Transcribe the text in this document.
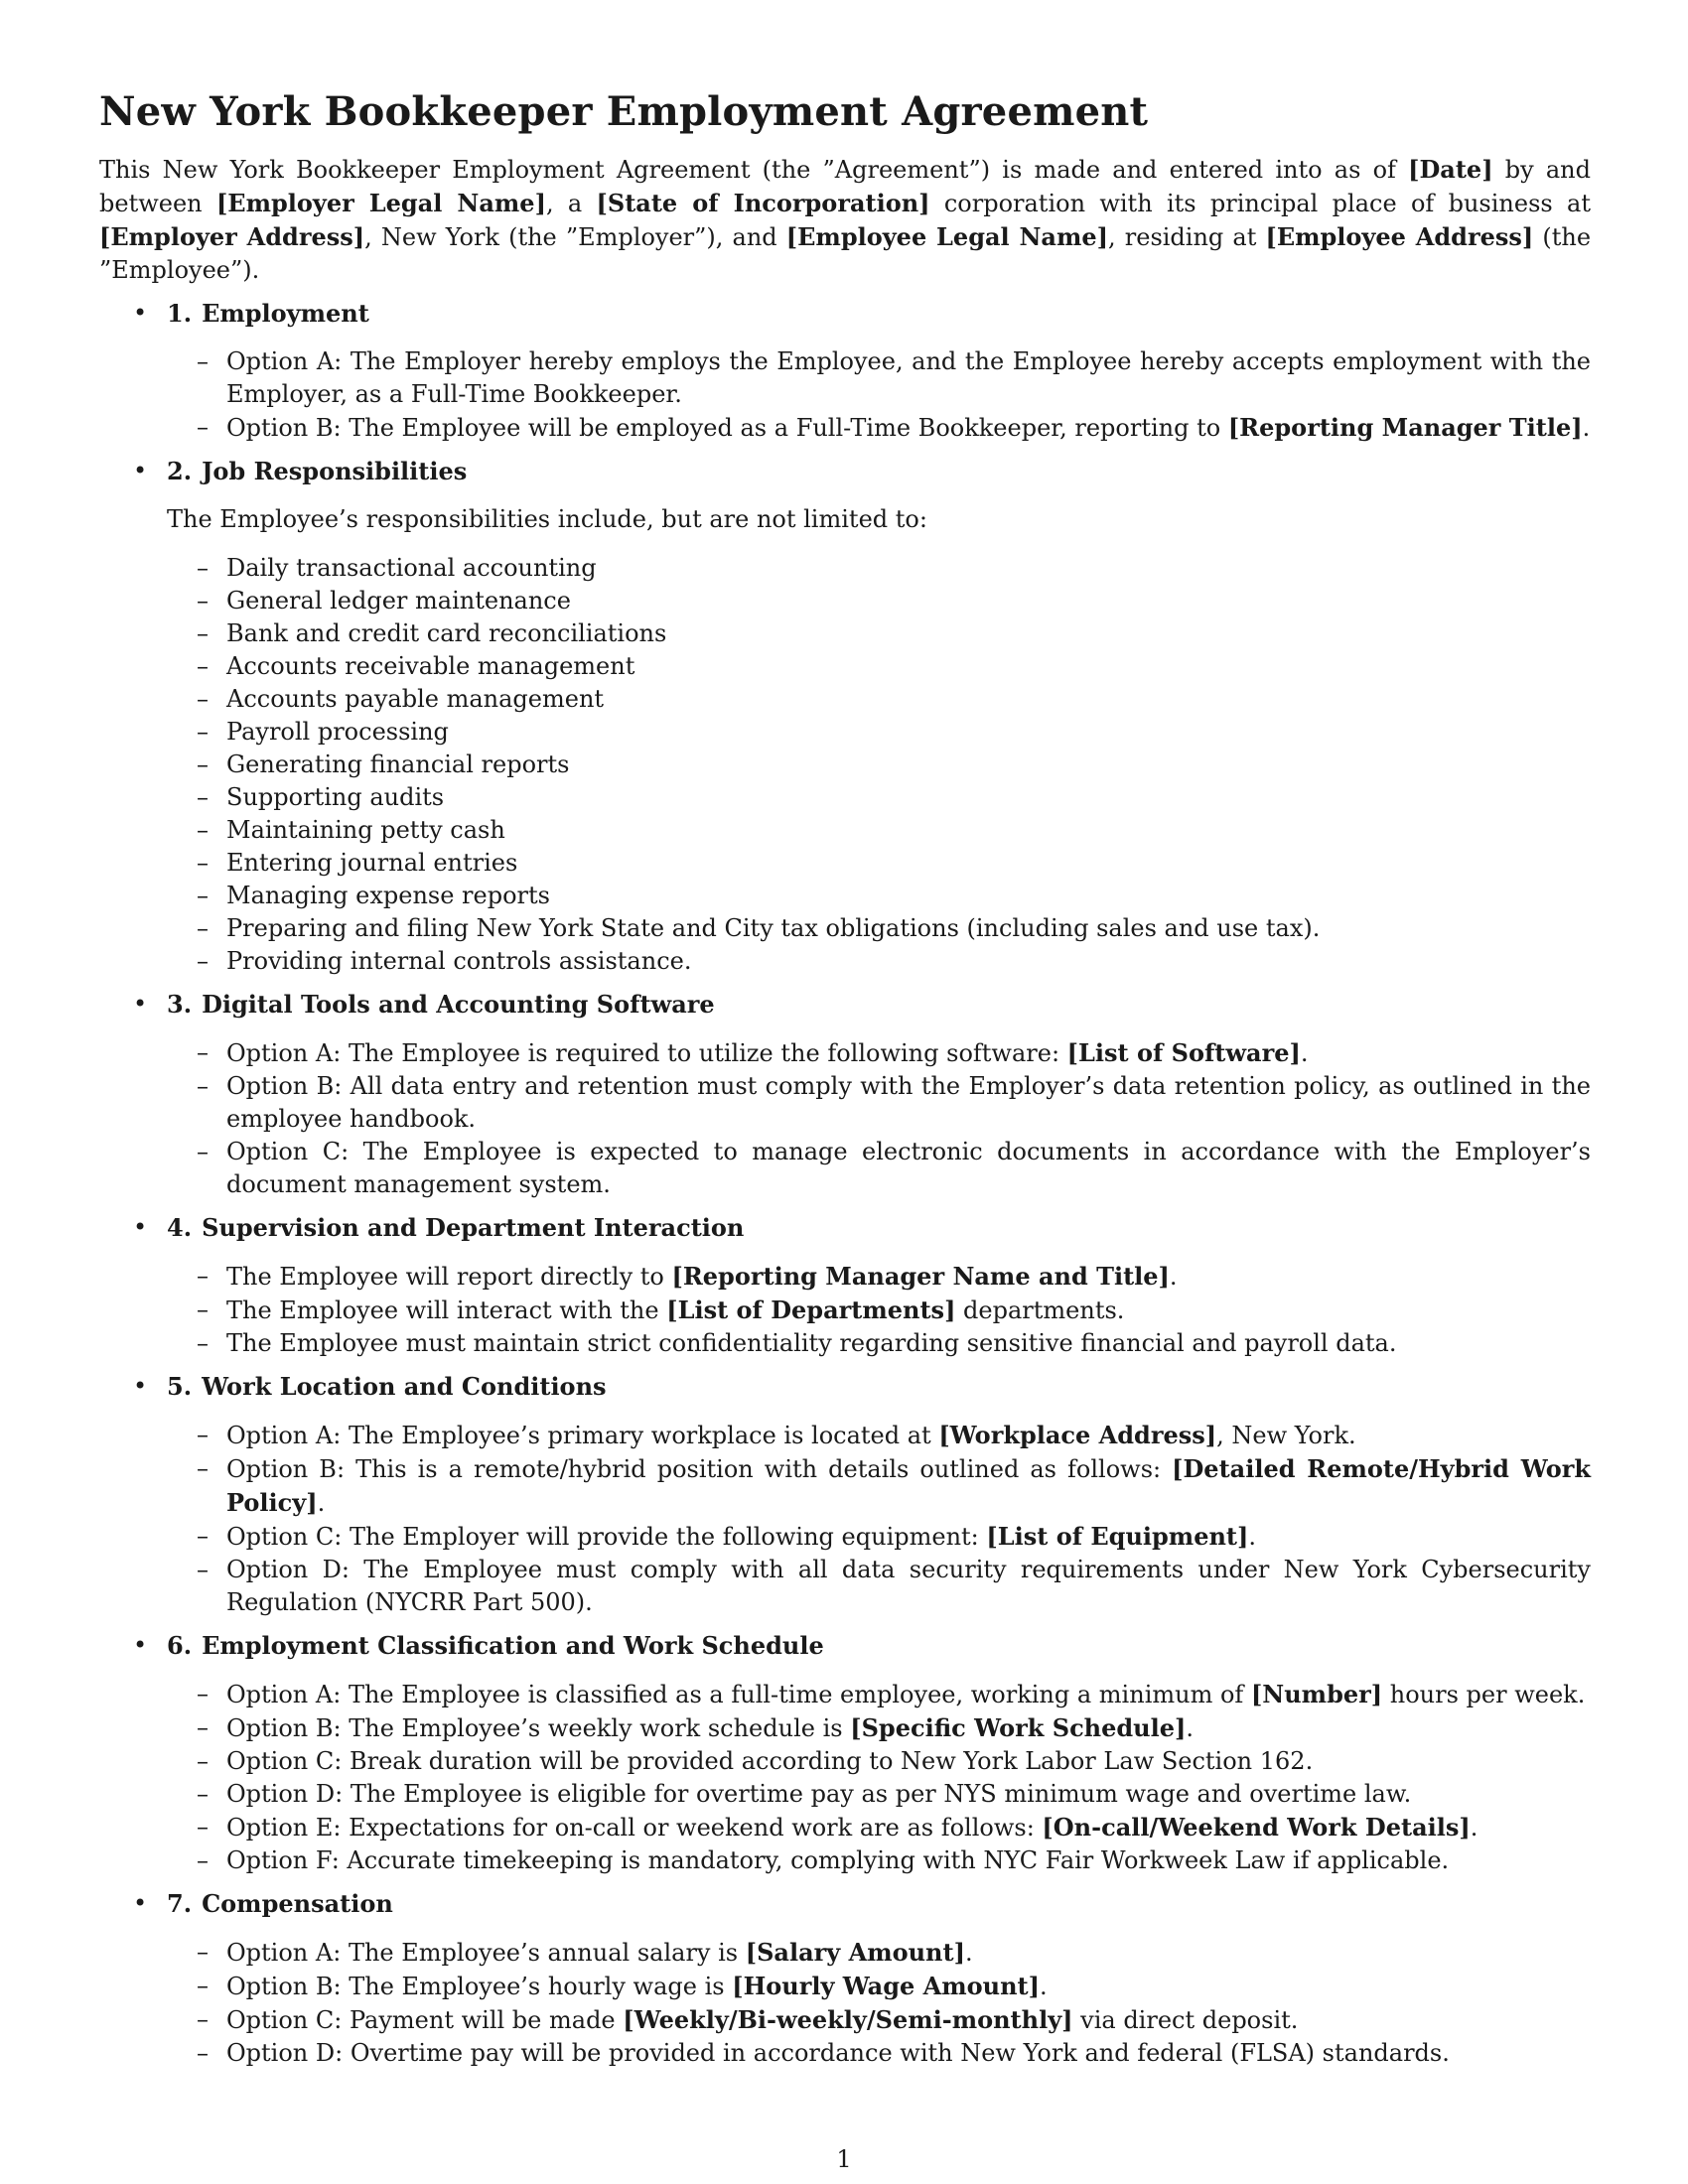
New York Bookkeeper Employment Agreement

This New York Bookkeeper Employment Agreement (the ”Agreement”) is made and entered into as of [Date] by and between [Employer Legal Name], a [State of Incorporation] corporation with its principal place of business at [Employer Address], New York (the ”Employer”), and [Employee Legal Name], residing at [Employee Address] (the ”Employee”).

• 1. Employment
– Option A: The Employer hereby employs the Employee, and the Employee hereby accepts employment with the Employer, as a Full-Time Bookkeeper.
– Option B: The Employee will be employed as a Full-Time Bookkeeper, reporting to [Reporting Manager Title].
• 2. Job Responsibilities

The Employee’s responsibilities include, but are not limited to:

– Daily transactional accounting
– General ledger maintenance
– Bank and credit card reconciliations
– Accounts receivable management
– Accounts payable management
– Payroll processing
– Generating financial reports
– Supporting audits
– Maintaining petty cash
– Entering journal entries
– Managing expense reports
– Preparing and filing New York State and City tax obligations (including sales and use tax).
– Providing internal controls assistance.
• 3. Digital Tools and Accounting Software
– Option A: The Employee is required to utilize the following software: [List of Software].
– Option B: All data entry and retention must comply with the Employer’s data retention policy, as outlined in the employee handbook.
– Option C: The Employee is expected to manage electronic documents in accordance with the Employer’s document management system.
• 4. Supervision and Department Interaction
– The Employee will report directly to [Reporting Manager Name and Title].
– The Employee will interact with the [List of Departments] departments.
– The Employee must maintain strict confidentiality regarding sensitive financial and payroll data.
• 5. Work Location and Conditions
– Option A: The Employee’s primary workplace is located at [Workplace Address], New York.
– Option B: This is a remote/hybrid position with details outlined as follows: [Detailed Remote/Hybrid Work Policy].
– Option C: The Employer will provide the following equipment: [List of Equipment].
– Option D: The Employee must comply with all data security requirements under New York Cybersecurity Regulation (NYCRR Part 500).
• 6. Employment Classification and Work Schedule
– Option A: The Employee is classified as a full-time employee, working a minimum of [Number] hours per week.
– Option B: The Employee’s weekly work schedule is [Specific Work Schedule].
– Option C: Break duration will be provided according to New York Labor Law Section 162.
– Option D: The Employee is eligible for overtime pay as per NYS minimum wage and overtime law.
– Option E: Expectations for on-call or weekend work are as follows: [On-call/Weekend Work Details].
– Option F: Accurate timekeeping is mandatory, complying with NYC Fair Workweek Law if applicable.
• 7. Compensation
– Option A: The Employee’s annual salary is [Salary Amount].
– Option B: The Employee’s hourly wage is [Hourly Wage Amount].
– Option C: Payment will be made [Weekly/Bi-weekly/Semi-monthly] via direct deposit.
– Option D: Overtime pay will be provided in accordance with New York and federal (FLSA) standards.
1
